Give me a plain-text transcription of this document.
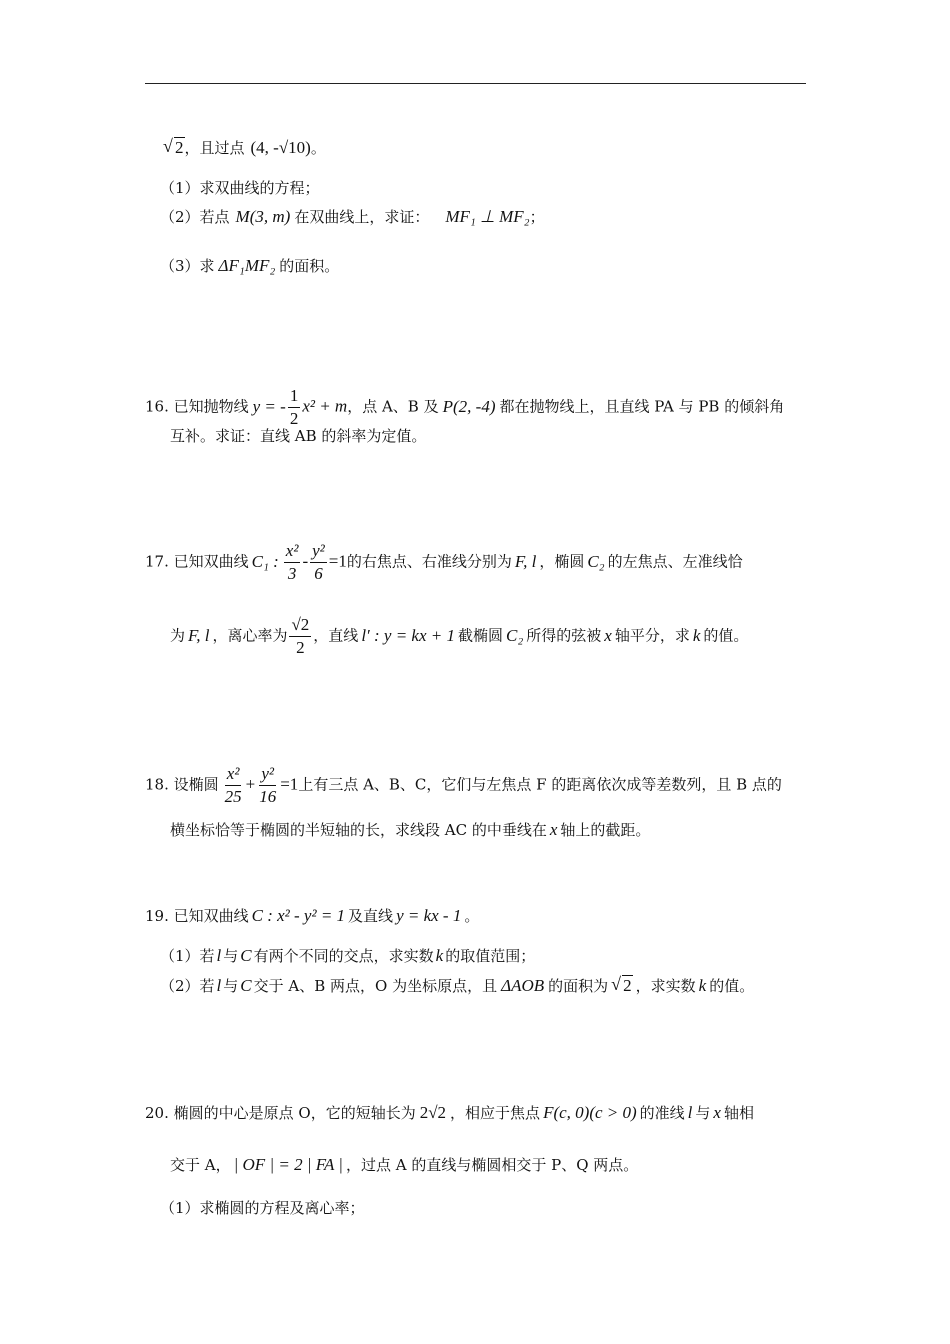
√ 2，且过点 (4, -√10)。
（1）求双曲线的方程；
（2）若点 M(3, m) 在双曲线上，求证： MF₁ ⊥ MF₂；
（3）求 ΔF₁MF₂ 的面积。
16. 已知抛物线 y = - $\frac{1}{2} x^2 + m$，点 A、B 及 P(2, -4) 都在抛物线上，且直线 PA 与 PB 的倾斜角
互补。求证：直线 AB 的斜率为定值。
17. 已知双曲线 C₁ : $\frac{\text{x²}}{3} - \frac{\text{y²}}{6} =1$的右焦点、右准线分别为 F, l ，椭圆 C₂ 的左焦点、左准线恰
为 F, l ，离心率为 $\frac{√2}{2}$ ，直线 l′ : y = kx + 1 截椭圆 C₂ 所得的弦被 x 轴平分，求 k 的值。
18. 设椭圆 $\frac{\text{x²}}{25} + \frac{\text{y²}}{16} =1$上有三点 A、B、C，它们与左焦点 F 的距离依次成等差数列，且 B 点的
横坐标恰等于椭圆的半短轴的长，求线段 AC 的中垂线在 x 轴上的截距。
19. 已知双曲线 C : x² - y² = 1 及直线 y = kx - 1 。
（1）若 l 与 C 有两个不同的交点，求实数 k 的取值范围；
（2）若 l 与 C 交于 A、B 两点，O 为坐标原点，且 ΔAOB 的面积为√ 2 ，求实数 k 的值。
20. 椭圆的中心是原点 O，它的短轴长为 2√2 ，相应于焦点 F(c, 0)(c > 0) 的准线 l 与 x 轴相
交于 A， | OF | = 2 | FA | ，过点 A 的直线与椭圆相交于 P、Q 两点。
（1）求椭圆的方程及离心率；
